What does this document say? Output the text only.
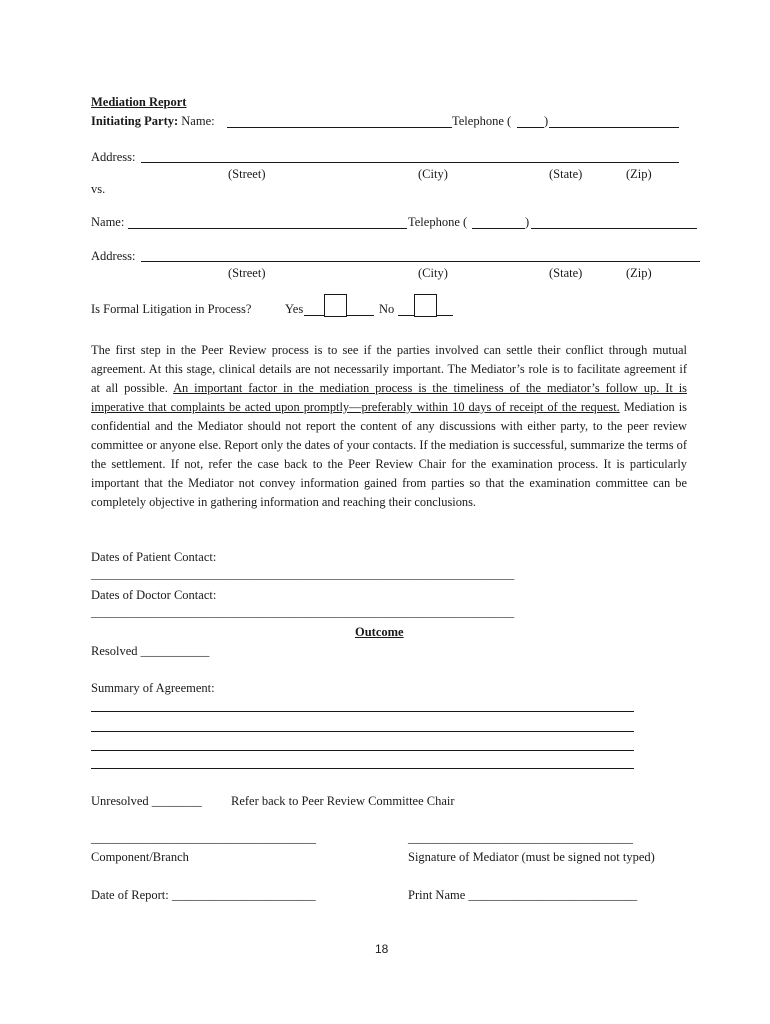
Mediation Report
Initiating Party: Name:	Telephone (	)
Address:
(Street)	(City)	(State)	(Zip)
vs.
Name:	Telephone (	)
Address:
(Street)	(City)	(State)	(Zip)
Is Formal Litigation in Process?	Yes	No
The first step in the Peer Review process is to see if the parties involved can settle their conflict through mutual agreement. At this stage, clinical details are not necessarily important. The Mediator’s role is to facilitate agreement if at all possible. An important factor in the mediation process is the timeliness of the mediator’s follow up. It is imperative that complaints be acted upon promptly—preferably within 10 days of receipt of the request. Mediation is confidential and the Mediator should not report the content of any discussions with either party, to the peer review committee or anyone else. Report only the dates of your contacts. If the mediation is successful, summarize the terms of the settlement. If not, refer the case back to the Peer Review Chair for the examination process. It is particularly important that the Mediator not convey information gained from parties so that the examination committee can be completely objective in gathering information and reaching their conclusions.
Dates of Patient Contact:
_________________________________________________________________________
Dates of Doctor Contact:
_________________________________________________________________________
Outcome
Resolved ___________
Summary of Agreement:
Unresolved ________ Refer back to Peer Review Committee Chair
____________________________________	____________________________________
Component/Branch	Signature of Mediator (must be signed not typed)
Date of Report: _______________________	Print Name ___________________________
18
